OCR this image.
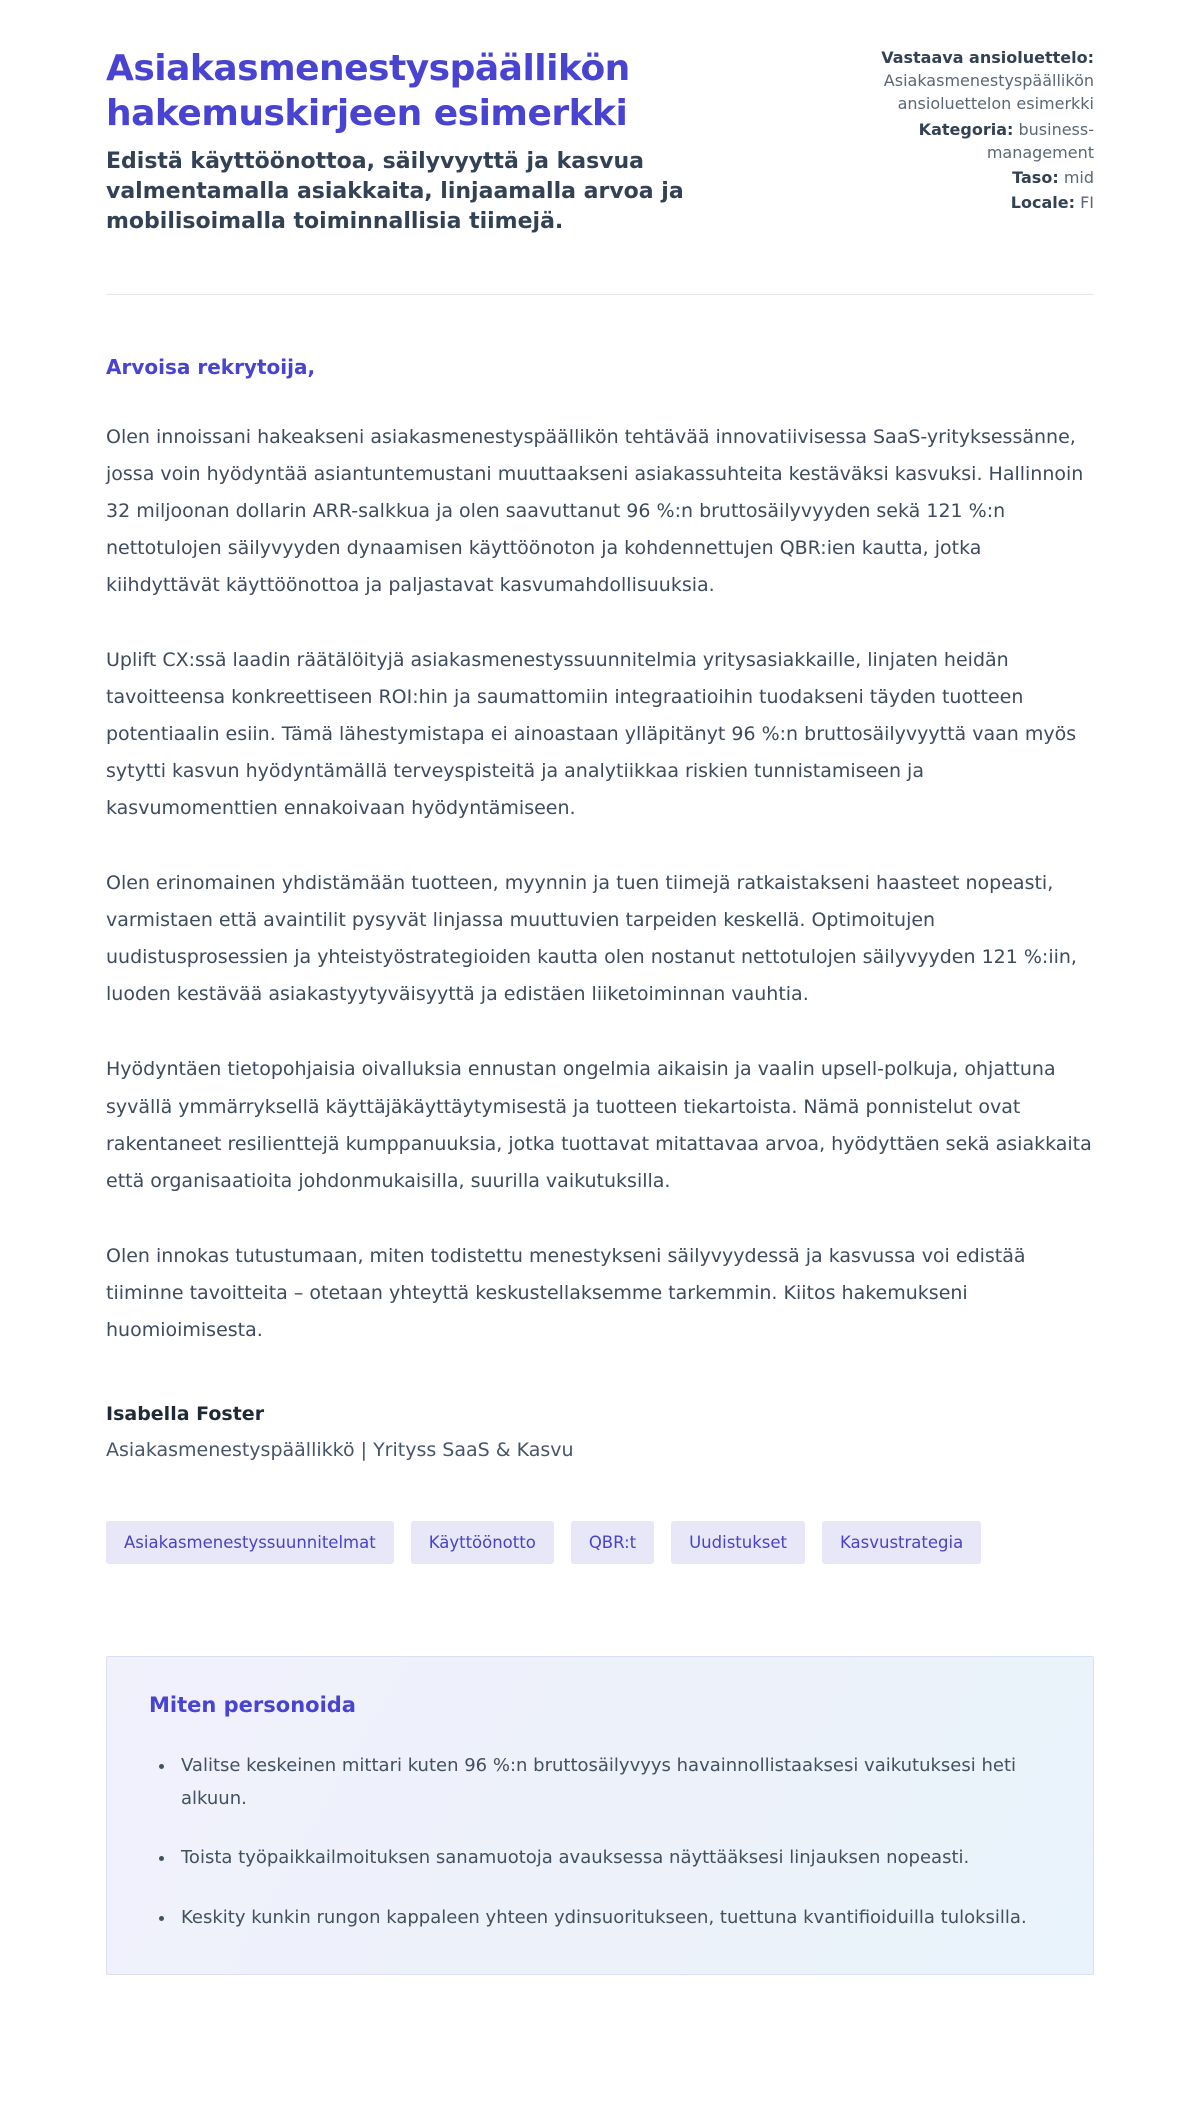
Asiakasmenestyspäällikön hakemuskirjeen esimerkki
Edistä käyttöönottoa, säilyvyyttä ja kasvua valmentamalla asiakkaita, linjaamalla arvoa ja mobilisoimalla toiminnallisia tiimejä.
Vastaava ansioluettelo: Asiakasmenestyspäällikön ansioluettelon esimerkki
Kategoria: business-management
Taso: mid
Locale: FI
Arvoisa rekrytoija,

Olen innoissani hakeakseni asiakasmenestyspäällikön tehtävää innovatiivisessa SaaS-yrityksessänne, jossa voin hyödyntää asiantuntemustani muuttaakseni asiakassuhteita kestäväksi kasvuksi. Hallinnoin 32 miljoonan dollarin ARR-salkkua ja olen saavuttanut 96 %:n bruttosäilyvyyden sekä 121 %:n nettotulojen säilyvyyden dynaamisen käyttöönoton ja kohdennettujen QBR:ien kautta, jotka kiihdyttävät käyttöönottoa ja paljastavat kasvumahdollisuuksia.

Uplift CX:ssä laadin räätälöityjä asiakasmenestyssuunnitelmia yritysasiakkaille, linjaten heidän tavoitteensa konkreettiseen ROI:hin ja saumattomiin integraatioihin tuodakseni täyden tuotteen potentiaalin esiin. Tämä lähestymistapa ei ainoastaan ylläpitänyt 96 %:n bruttosäilyvyyttä vaan myös sytytti kasvun hyödyntämällä terveyspisteitä ja analytiikkaa riskien tunnistamiseen ja kasvumomenttien ennakoivaan hyödyntämiseen.

Olen erinomainen yhdistämään tuotteen, myynnin ja tuen tiimejä ratkaistakseni haasteet nopeasti, varmistaen että avaintilit pysyvät linjassa muuttuvien tarpeiden keskellä. Optimoitujen uudistusprosessien ja yhteistyöstrategioiden kautta olen nostanut nettotulojen säilyvyyden 121 %:iin, luoden kestävää asiakastyytyväisyyttä ja edistäen liiketoiminnan vauhtia.

Hyödyntäen tietopohjaisia oivalluksia ennustan ongelmia aikaisin ja vaalin upsell-polkuja, ohjattuna syvällä ymmärryksellä käyttäjäkäyttäytymisestä ja tuotteen tiekartoista. Nämä ponnistelut ovat rakentaneet resilienttejä kumppanuuksia, jotka tuottavat mitattavaa arvoa, hyödyttäen sekä asiakkaita että organisaatioita johdonmukaisilla, suurilla vaikutuksilla.

Olen innokas tutustumaan, miten todistettu menestykseni säilyvyydessä ja kasvussa voi edistää tiiminne tavoitteita – otetaan yhteyttä keskustellaksemme tarkemmin. Kiitos hakemukseni huomioimisesta.

Isabella Foster
Asiakasmenestyspäällikkö | Yrityss SaaS & Kasvu
Asiakasmenestyssuunnitelmat	Käyttöönotto	QBR:t	Uudistukset	Kasvustrategia
Miten personoida
• Valitse keskeinen mittari kuten 96 %:n bruttosäilyvyys havainnollistaaksesi vaikutuksesi heti alkuun.
• Toista työpaikkailmoituksen sanamuotoja avauksessa näyttääksesi linjauksen nopeasti.
• Keskity kunkin rungon kappaleen yhteen ydinsuoritukseen, tuettuna kvantifioiduilla tuloksilla.
